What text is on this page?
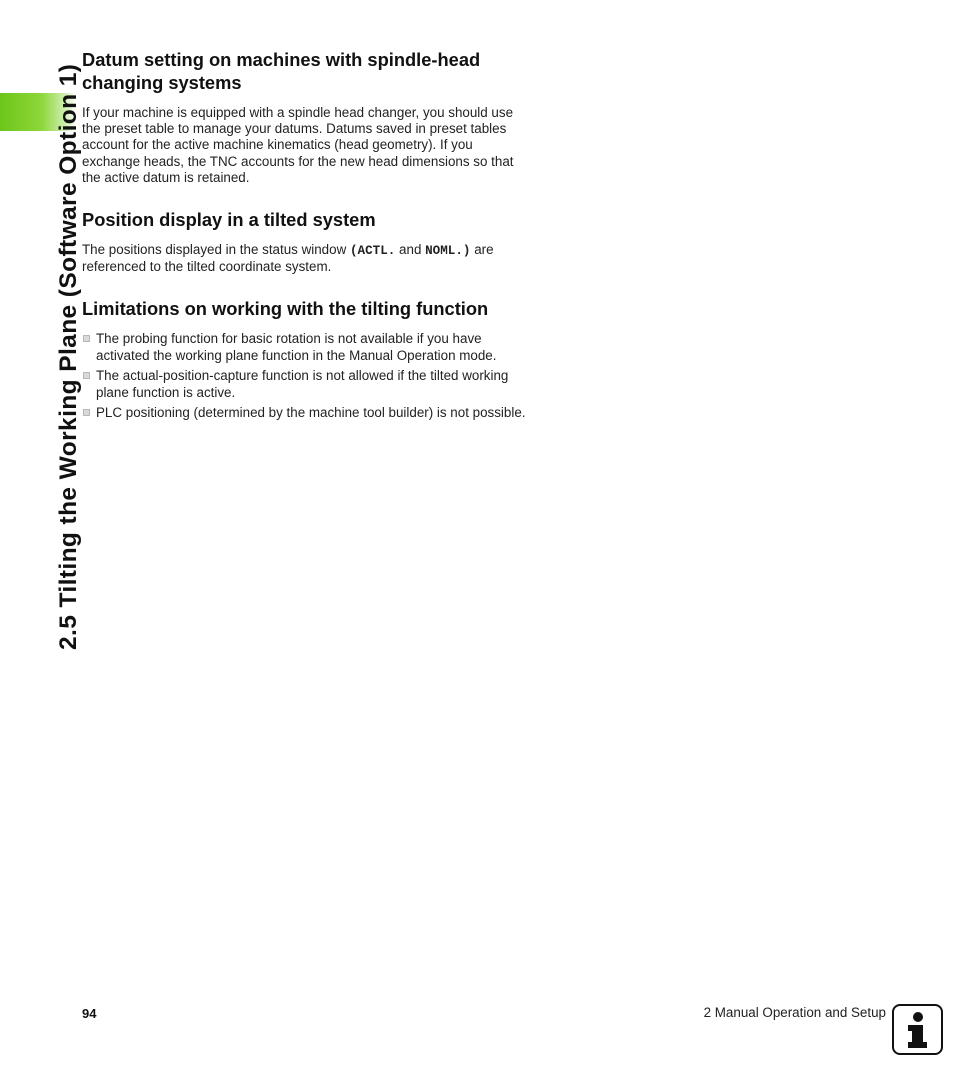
2.5 Tilting the Working Plane (Software Option 1)
Datum setting on machines with spindle-head changing systems

If your machine is equipped with a spindle head changer, you should use the preset table to manage your datums. Datums saved in preset tables account for the active machine kinematics (head geometry). If you exchange heads, the TNC accounts for the new head dimensions so that the active datum is retained.

Position display in a tilted system

The positions displayed in the status window (ACTL. and NOML.) are referenced to the tilted coordinate system.

Limitations on working with the tilting function
The probing function for basic rotation is not available if you have activated the working plane function in the Manual Operation mode.
The actual-position-capture function is not allowed if the tilted working plane function is active.
PLC positioning (determined by the machine tool builder) is not possible.
94	2 Manual Operation and Setup
